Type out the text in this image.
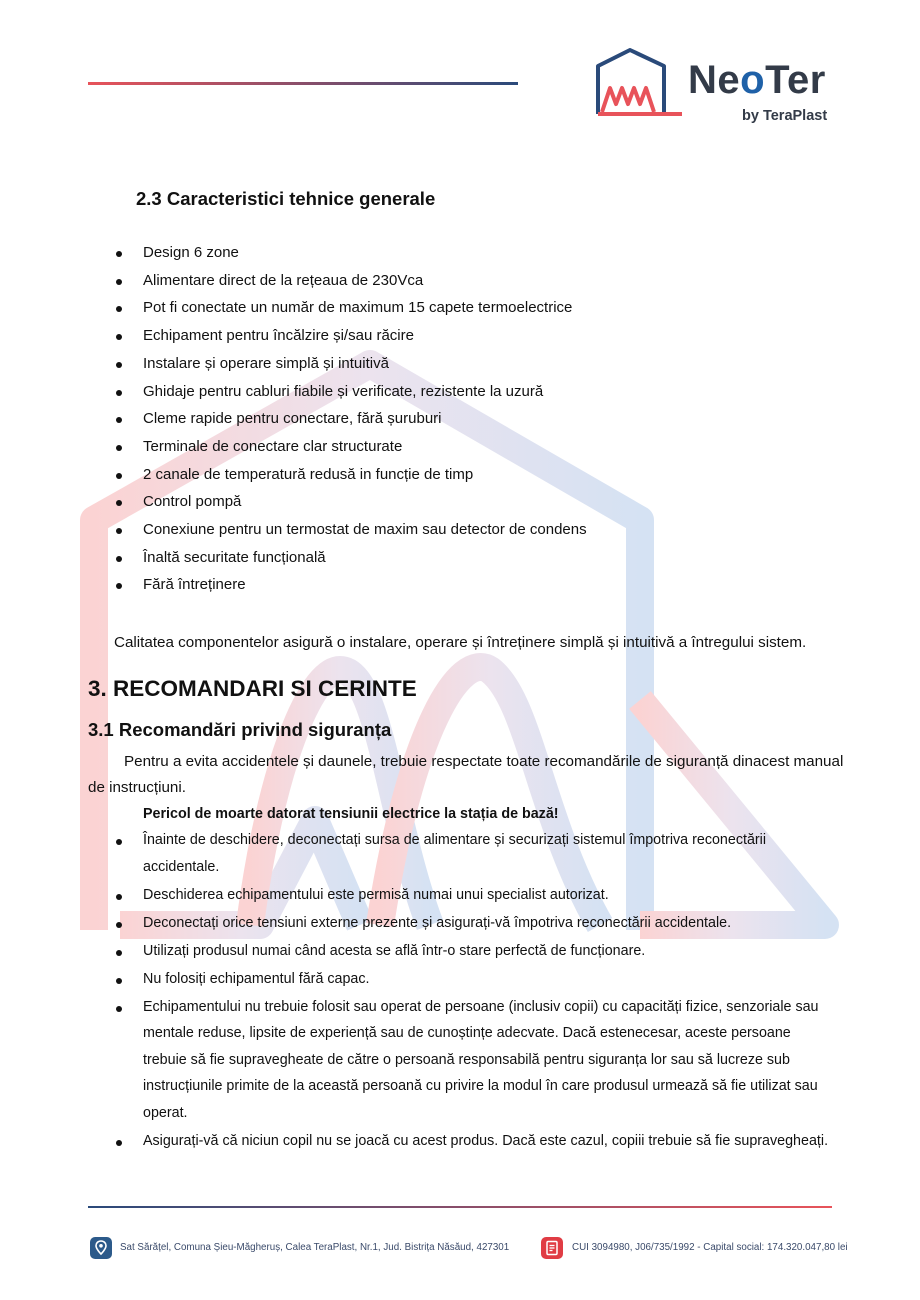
NeoTer
by TeraPlast
2.3 Caracteristici tehnice generale
Design 6 zone
Alimentare direct de la rețeaua de 230Vca
Pot fi conectate un număr de maximum 15 capete termoelectrice
Echipament pentru încălzire și/sau răcire
Instalare și operare simplă și intuitivă
Ghidaje pentru cabluri fiabile și verificate, rezistente la uzură
Cleme rapide pentru conectare, fără șuruburi
Terminale de conectare clar structurate
2 canale de temperatură redusă in funcție de timp
Control pompă
Conexiune pentru un termostat de maxim sau detector de condens
Înaltă securitate funcțională
Fără întreținere
Calitatea componentelor asigură o instalare, operare și întreținere simplă și intuitivă a întregului sistem.
3. RECOMANDARI SI CERINTE
3.1 Recomandări privind siguranța
Pentru a evita accidentele și daunele, trebuie respectate toate recomandările de siguranță dinacest manual
de instrucțiuni.
Pericol de moarte datorat tensiunii electrice la stația de bază!
Înainte de deschidere, deconectați sursa de alimentare și securizați sistemul împotriva reconectării
accidentale.
Deschiderea echipamentului este permisă numai unui specialist autorizat.
Deconectați orice tensiuni externe prezente și asigurați-vă împotriva reconectării accidentale.
Utilizați produsul numai când acesta se află într-o stare perfectă de funcționare.
Nu folosiți echipamentul fără capac.
Echipamentului nu trebuie folosit sau operat de persoane (inclusiv copii) cu capacități fizice, senzoriale sau
mentale reduse, lipsite de experiență sau de cunoștințe adecvate. Dacă estenecesar, aceste persoane
trebuie să fie supravegheate de către o persoană responsabilă pentru siguranța lor sau să lucreze sub
instrucțiunile primite de la această persoană cu privire la modul în care produsul urmează să fie utilizat sau
operat.
Asigurați-vă că niciun copil nu se joacă cu acest produs. Dacă este cazul, copiii trebuie să fie supravegheați.
Sat Sărățel, Comuna Șieu-Măgheruș, Calea TeraPlast, Nr.1, Jud. Bistrița Năsăud, 427301	CUI 3094980, J06/735/1992 - Capital social: 174.320.047,80 lei
